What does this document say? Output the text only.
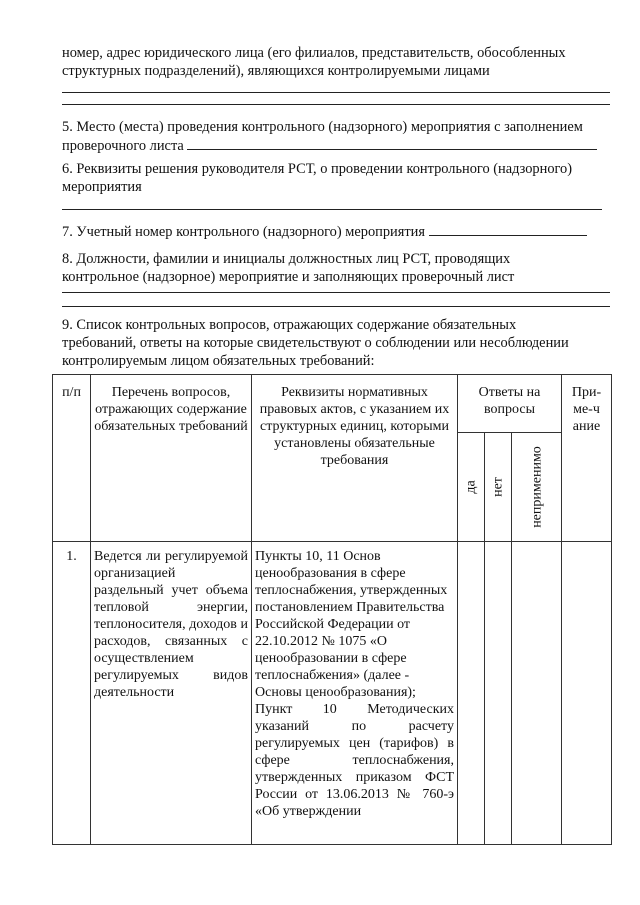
номер, адрес юридического лица (его филиалов, представительств, обособленных
структурных подразделений), являющихся контролируемыми лицами
5. Место (места) проведения контрольного (надзорного) мероприятия с заполнением
проверочного листа
6. Реквизиты решения руководителя РСТ, о проведении контрольного (надзорного)
мероприятия
7. Учетный номер контрольного (надзорного) мероприятия
8. Должности, фамилии и инициалы должностных лиц РСТ, проводящих
контрольное (надзорное) мероприятие и заполняющих проверочный лист
9. Список контрольных вопросов, отражающих содержание обязательных
требований, ответы на которые свидетельствуют о соблюдении или несоблюдении
контролируемым лицом обязательных требований:
п/п	Перечень вопросов, отражающих содержание обязательных требований	Реквизиты нормативных правовых актов, с указанием их структурных единиц, которыми установлены обязательные требования	Ответы на вопросы			При-ме-чание

			да	нет	неприменимо	

1.	Ведется ли регулируемой организацией раздельный учет объема тепловой энергии, теплоносителя, доходов и расходов, связанных с осуществлением регулируемых видов деятельности	Пункты 10, 11 Основ ценообразования в сфере теплоснабжения, утвержденных постановлением Правительства Российской Федерации от 22.10.2012 № 1075 «О ценообразовании в сфере теплоснабжения» (далее - Основы ценообразования);
Пункт 10 Методических указаний по расчету регулируемых цен (тарифов) в сфере теплоснабжения, утвержденных приказом ФСТ России от 13.06.2013 № 760-э «Об утверждении				
